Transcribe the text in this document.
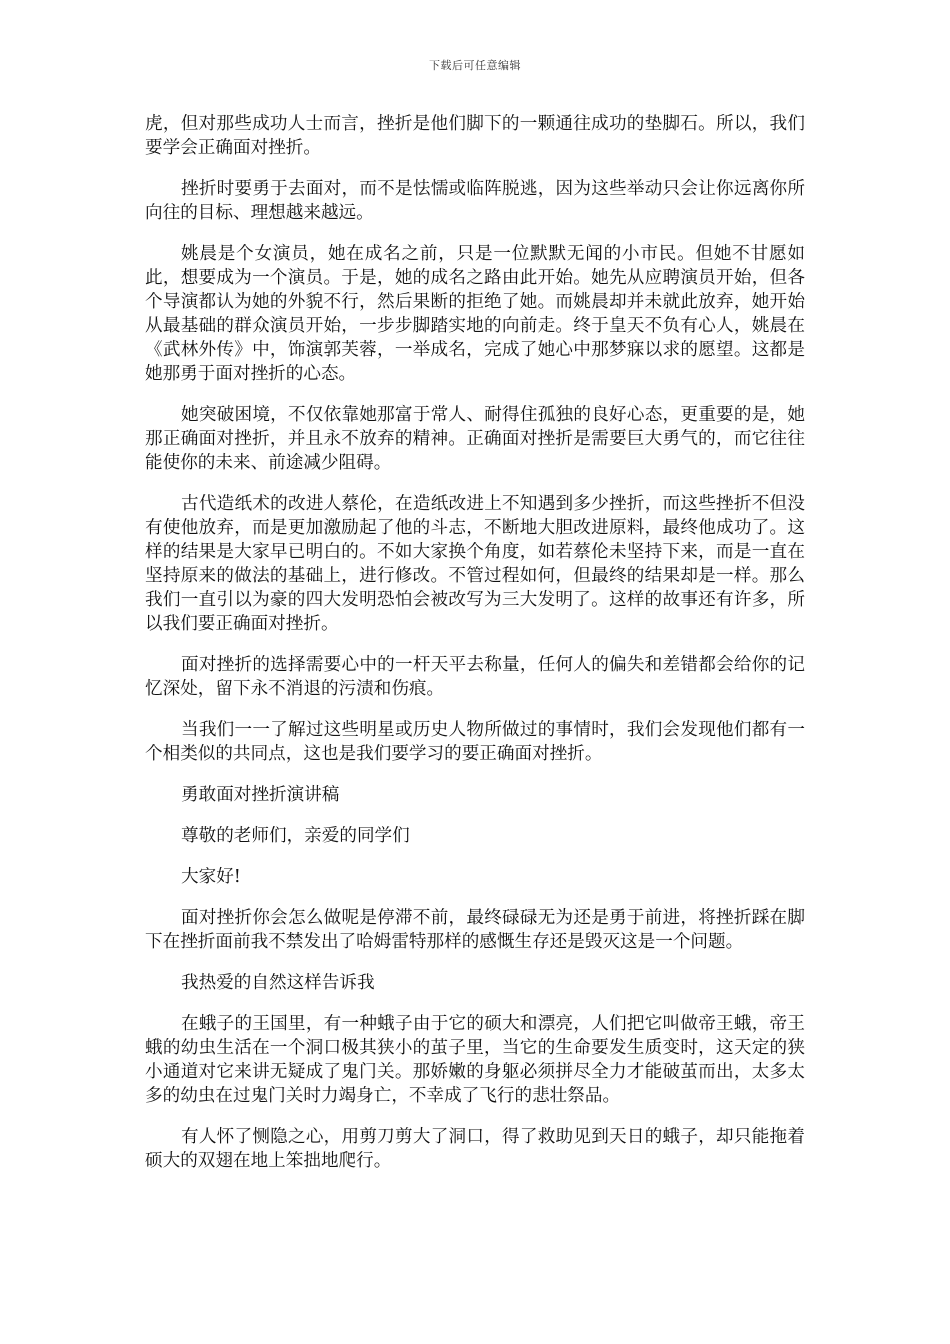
下载后可任意编辑

虎，但对那些成功人士而言，挫折是他们脚下的一颗通往成功的垫脚石。所以，我们要学会正确面对挫折。

挫折时要勇于去面对，而不是怯懦或临阵脱逃，因为这些举动只会让你远离你所向往的目标、理想越来越远。

姚晨是个女演员，她在成名之前，只是一位默默无闻的小市民。但她不甘愿如此，想要成为一个演员。于是，她的成名之路由此开始。她先从应聘演员开始，但各个导演都认为她的外貌不行，然后果断的拒绝了她。而姚晨却并未就此放弃，她开始从最基础的群众演员开始，一步步脚踏实地的向前走。终于皇天不负有心人，姚晨在《武林外传》中，饰演郭芙蓉，一举成名，完成了她心中那梦寐以求的愿望。这都是她那勇于面对挫折的心态。

她突破困境，不仅依靠她那富于常人、耐得住孤独的良好心态，更重要的是，她那正确面对挫折，并且永不放弃的精神。正确面对挫折是需要巨大勇气的，而它往往能使你的未来、前途减少阻碍。

古代造纸术的改进人蔡伦，在造纸改进上不知遇到多少挫折，而这些挫折不但没有使他放弃，而是更加激励起了他的斗志，不断地大胆改进原料，最终他成功了。这样的结果是大家早已明白的。不如大家换个角度，如若蔡伦未坚持下来，而是一直在坚持原来的做法的基础上，进行修改。不管过程如何，但最终的结果却是一样。那么我们一直引以为豪的四大发明恐怕会被改写为三大发明了。这样的故事还有许多，所以我们要正确面对挫折。

面对挫折的选择需要心中的一杆天平去称量，任何人的偏失和差错都会给你的记忆深处，留下永不消退的污渍和伤痕。

当我们一一了解过这些明星或历史人物所做过的事情时，我们会发现他们都有一个相类似的共同点，这也是我们要学习的要正确面对挫折。

勇敢面对挫折演讲稿

尊敬的老师们，亲爱的同学们

大家好!

面对挫折你会怎么做呢是停滞不前，最终碌碌无为还是勇于前进，将挫折踩在脚下在挫折面前我不禁发出了哈姆雷特那样的感慨生存还是毁灭这是一个问题。

我热爱的自然这样告诉我

在蛾子的王国里，有一种蛾子由于它的硕大和漂亮，人们把它叫做帝王蛾，帝王蛾的幼虫生活在一个洞口极其狭小的茧子里，当它的生命要发生质变时，这天定的狭小通道对它来讲无疑成了鬼门关。那娇嫩的身躯必须拼尽全力才能破茧而出，太多太多的幼虫在过鬼门关时力竭身亡，不幸成了飞行的悲壮祭品。

有人怀了恻隐之心，用剪刀剪大了洞口，得了救助见到天日的蛾子，却只能拖着硕大的双翅在地上笨拙地爬行。
